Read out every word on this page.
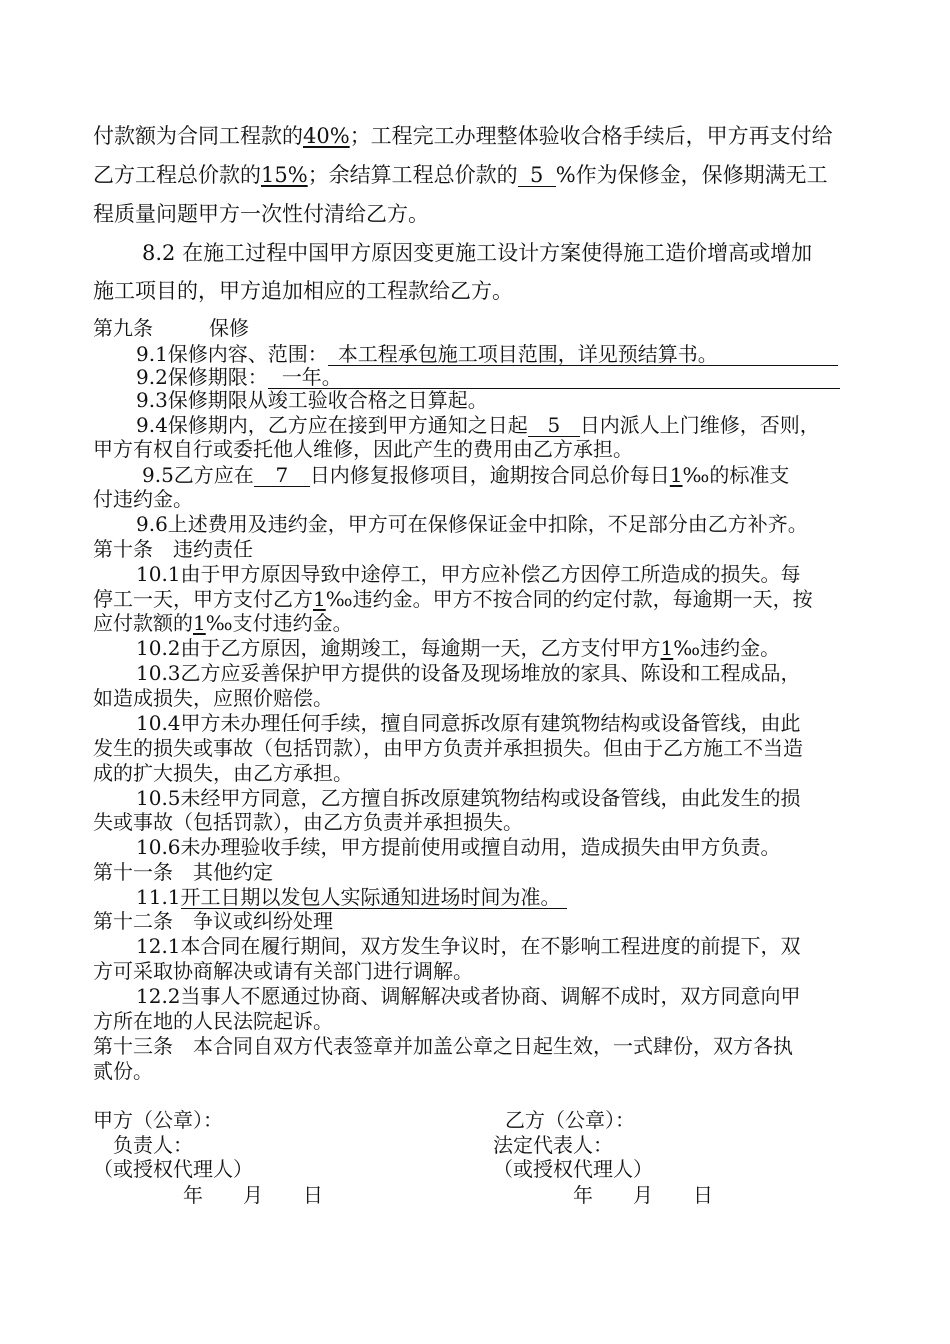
付款额为合同工程款的40%；工程完工办理整体验收合格手续后，甲方再支付给
乙方工程总价款的15%；余结算工程总价款的 5 %作为保修金，保修期满无工
程质量问题甲方一次性付清给乙方。
8.2 在施工过程中国甲方原因变更施工设计方案使得施工造价增高或增加
施工项目的，甲方追加相应的工程款给乙方。
第九条	保修
9.1保修内容、范围： 本工程承包施工项目范围，详见预结算书。
9.2保修期限： 一年。
9.3保修期限从竣工验收合格之日算起。
9.4保修期内，乙方应在接到甲方通知之日起 5 日内派人上门维修，否则，
甲方有权自行或委托他人维修，因此产生的费用由乙方承担。
9.5乙方应在 7 日内修复报修项目，逾期按合同总价每日1‰的标准支
付违约金。
9.6上述费用及违约金，甲方可在保修保证金中扣除，不足部分由乙方补齐。
第十条　违约责任
10.1由于甲方原因导致中途停工，甲方应补偿乙方因停工所造成的损失。每
停工一天，甲方支付乙方1‰违约金。甲方不按合同的约定付款，每逾期一天，按
应付款额的1‰支付违约金。
10.2由于乙方原因，逾期竣工，每逾期一天，乙方支付甲方1‰违约金。
10.3乙方应妥善保护甲方提供的设备及现场堆放的家具、陈设和工程成品，
如造成损失，应照价赔偿。
10.4甲方未办理任何手续，擅自同意拆改原有建筑物结构或设备管线，由此
发生的损失或事故（包括罚款），由甲方负责并承担损失。但由于乙方施工不当造
成的扩大损失，由乙方承担。
10.5未经甲方同意，乙方擅自拆改原建筑物结构或设备管线，由此发生的损
失或事故（包括罚款），由乙方负责并承担损失。
10.6未办理验收手续，甲方提前使用或擅自动用，造成损失由甲方负责。
第十一条　其他约定
11.1开工日期以发包人实际通知进场时间为准。
第十二条　争议或纠纷处理
12.1本合同在履行期间，双方发生争议时，在不影响工程进度的前提下，双
方可采取协商解决或请有关部门进行调解。
12.2当事人不愿通过协商、调解解决或者协商、调解不成时，双方同意向甲
方所在地的人民法院起诉。
第十三条　本合同自双方代表签章并加盖公章之日起生效，一式肆份，双方各执
贰份。
甲方（公章）：	乙方（公章）：
负责人：	法定代表人：
（或授权代理人）	（或授权代理人）
年　　月　　日	年　　月　　日
